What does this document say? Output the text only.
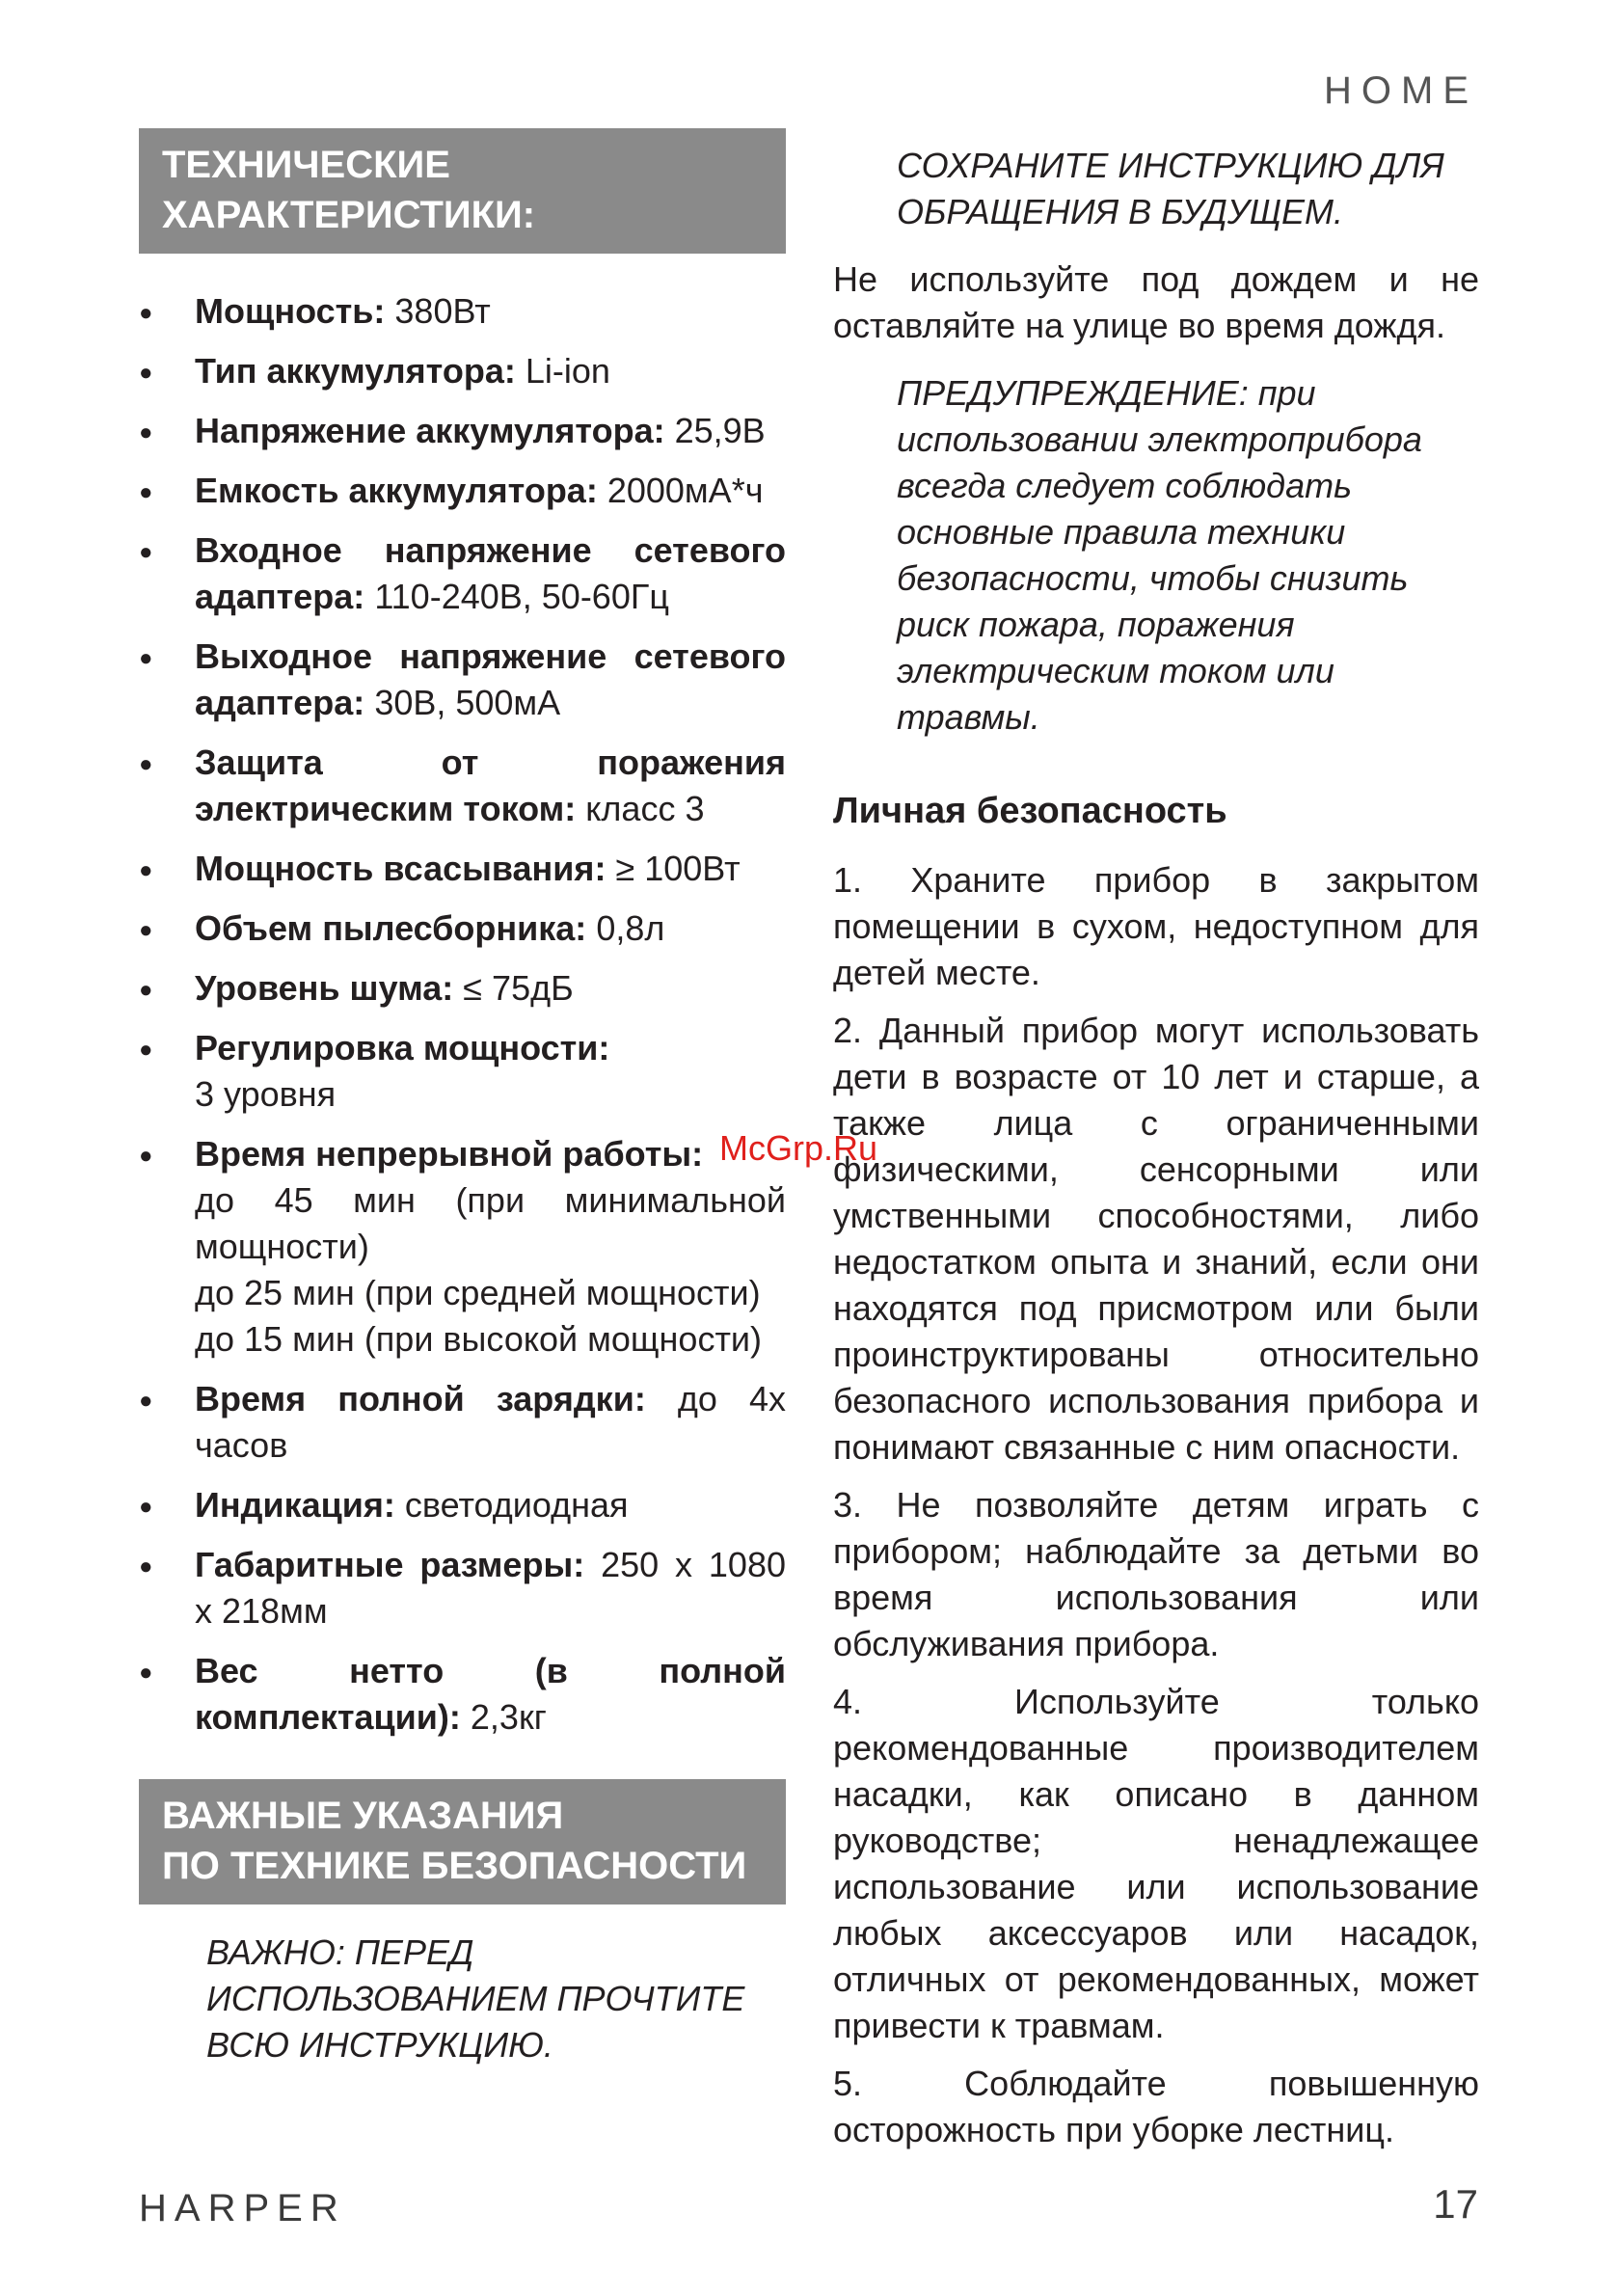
HOME
ТЕХНИЧЕСКИЕ
ХАРАКТЕРИСТИКИ:
● Мощность: 380Вт
● Тип аккумулятора: Li-ion
● Напряжение аккумулятора: 25,9В
● Емкость аккумулятора: 2000мА*ч
● Входное напряжение сетевого адаптера: 110-240В, 50-60Гц
● Выходное напряжение сетевого адаптера: 30В, 500мА
● Защита от поражения электрическим током: класс 3
● Мощность всасывания: ≥ 100Вт
● Объем пылесборника: 0,8л
● Уровень шума: ≤ 75дБ
● Регулировка мощности:
3 уровня
● Время непрерывной работы:
до 45 мин (при минимальной мощности)
до 25 мин (при средней мощности)
до 15 мин (при высокой мощности)
● Время полной зарядки: до 4х часов
● Индикация: светодиодная
● Габаритные размеры: 250 х 1080 х 218мм
● Вес нетто (в полной комплектации): 2,3кг
ВАЖНЫЕ УКАЗАНИЯ
ПО ТЕХНИКЕ БЕЗОПАСНОСТИ
ВАЖНО: ПЕРЕД ИСПОЛЬЗОВАНИЕМ ПРОЧТИТЕ ВСЮ ИНСТРУКЦИЮ.
СОХРАНИТЕ ИНСТРУКЦИЮ ДЛЯ ОБРАЩЕНИЯ В БУДУЩЕМ.

Не используйте под дождем и не оставляйте на улице во время дождя.

ПРЕДУПРЕЖДЕНИЕ: при использовании электроприбора всегда следует соблюдать основные правила техники безопасности, чтобы снизить риск пожара, поражения электрическим током или травмы.
Личная безопасность
1. Храните прибор в закрытом помещении в сухом, недоступном для детей месте.
2. Данный прибор могут использовать дети в возрасте от 10 лет и старше, а также лица с ограниченными физическими, сенсорными или умственными способностями, либо недостатком опыта и знаний, если они находятся под присмотром или были проинструктированы относительно безопасного использования прибора и понимают связанные с ним опасности.
3. Не позволяйте детям играть с прибором; наблюдайте за детьми во время использования или обслуживания прибора.
4. Используйте только рекомендованные производителем насадки, как описано в данном руководстве; ненадлежащее использование или использование любых аксессуаров или насадок, отличных от рекомендованных, может привести к травмам.
5. Соблюдайте повышенную осторожность при уборке лестниц.
McGrp.Ru
HARPER	17
